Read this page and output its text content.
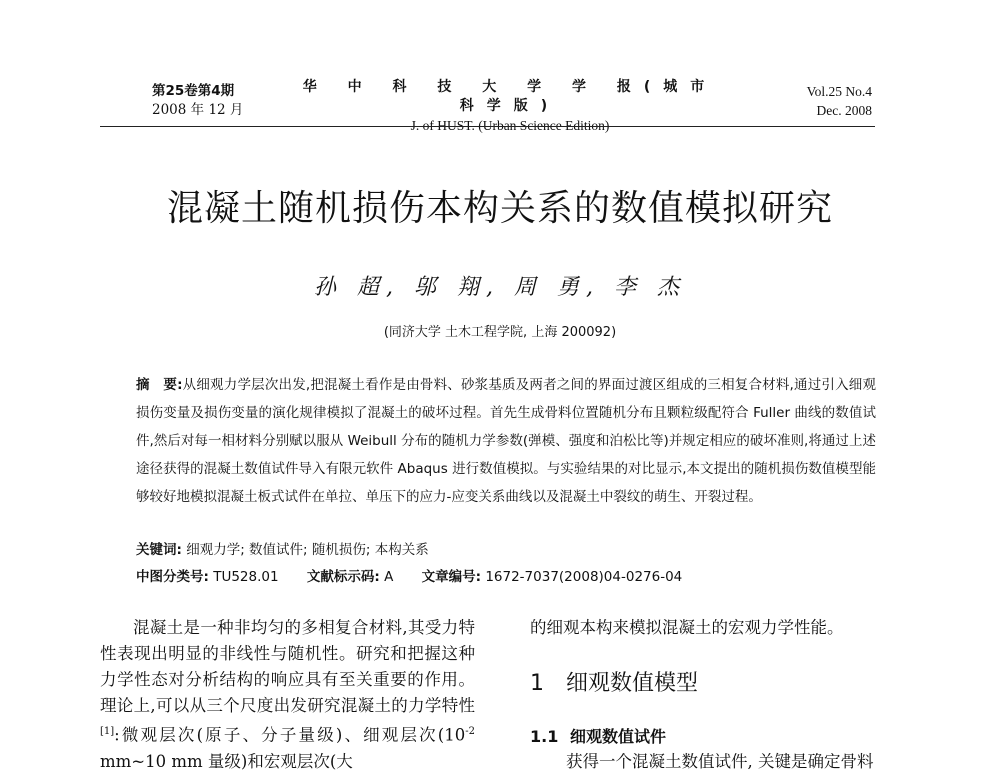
第25卷第4期
2008 年 12 月
华 中 科 技 大 学 学 报(城市科学版)
J. of HUST. (Urban Science Edition)
Vol.25 No.4
Dec. 2008
混凝土随机损伤本构关系的数值模拟研究
孙 超, 邬 翔, 周 勇, 李 杰
(同济大学 土木工程学院, 上海 200092)
摘　要:从细观力学层次出发,把混凝土看作是由骨料、砂浆基质及两者之间的界面过渡区组成的三相复合材料,通过引入细观损伤变量及损伤变量的演化规律模拟了混凝土的破坏过程。首先生成骨料位置随机分布且颗粒级配符合 Fuller 曲线的数值试件,然后对每一相材料分别赋以服从 Weibull 分布的随机力学参数(弹模、强度和泊松比等)并规定相应的破坏准则,将通过上述途径获得的混凝土数值试件导入有限元软件 Abaqus 进行数值模拟。与实验结果的对比显示,本文提出的随机损伤数值模型能够较好地模拟混凝土板式试件在单拉、单压下的应力-应变关系曲线以及混凝土中裂纹的萌生、开裂过程。
关键词: 细观力学; 数值试件; 随机损伤; 本构关系
中图分类号: TU528.01 文献标示码: A 文章编号: 1672-7037(2008)04-0276-04

混凝土是一种非均匀的多相复合材料,其受力特性表现出明显的非线性与随机性。研究和把握这种力学性态对分析结构的响应具有至关重要的作用。理论上,可以从三个尺度出发研究混凝土的力学特性[1]:微观层次(原子、分子量级)、细观层次($10^{-2}$ mm~10 mm 量级)和宏观层次(大

的细观本构来模拟混凝土的宏观力学性能。

1 细观数值模型
1.1 细观数值试件
获得一个混凝土数值试件, 关键是确定骨料
